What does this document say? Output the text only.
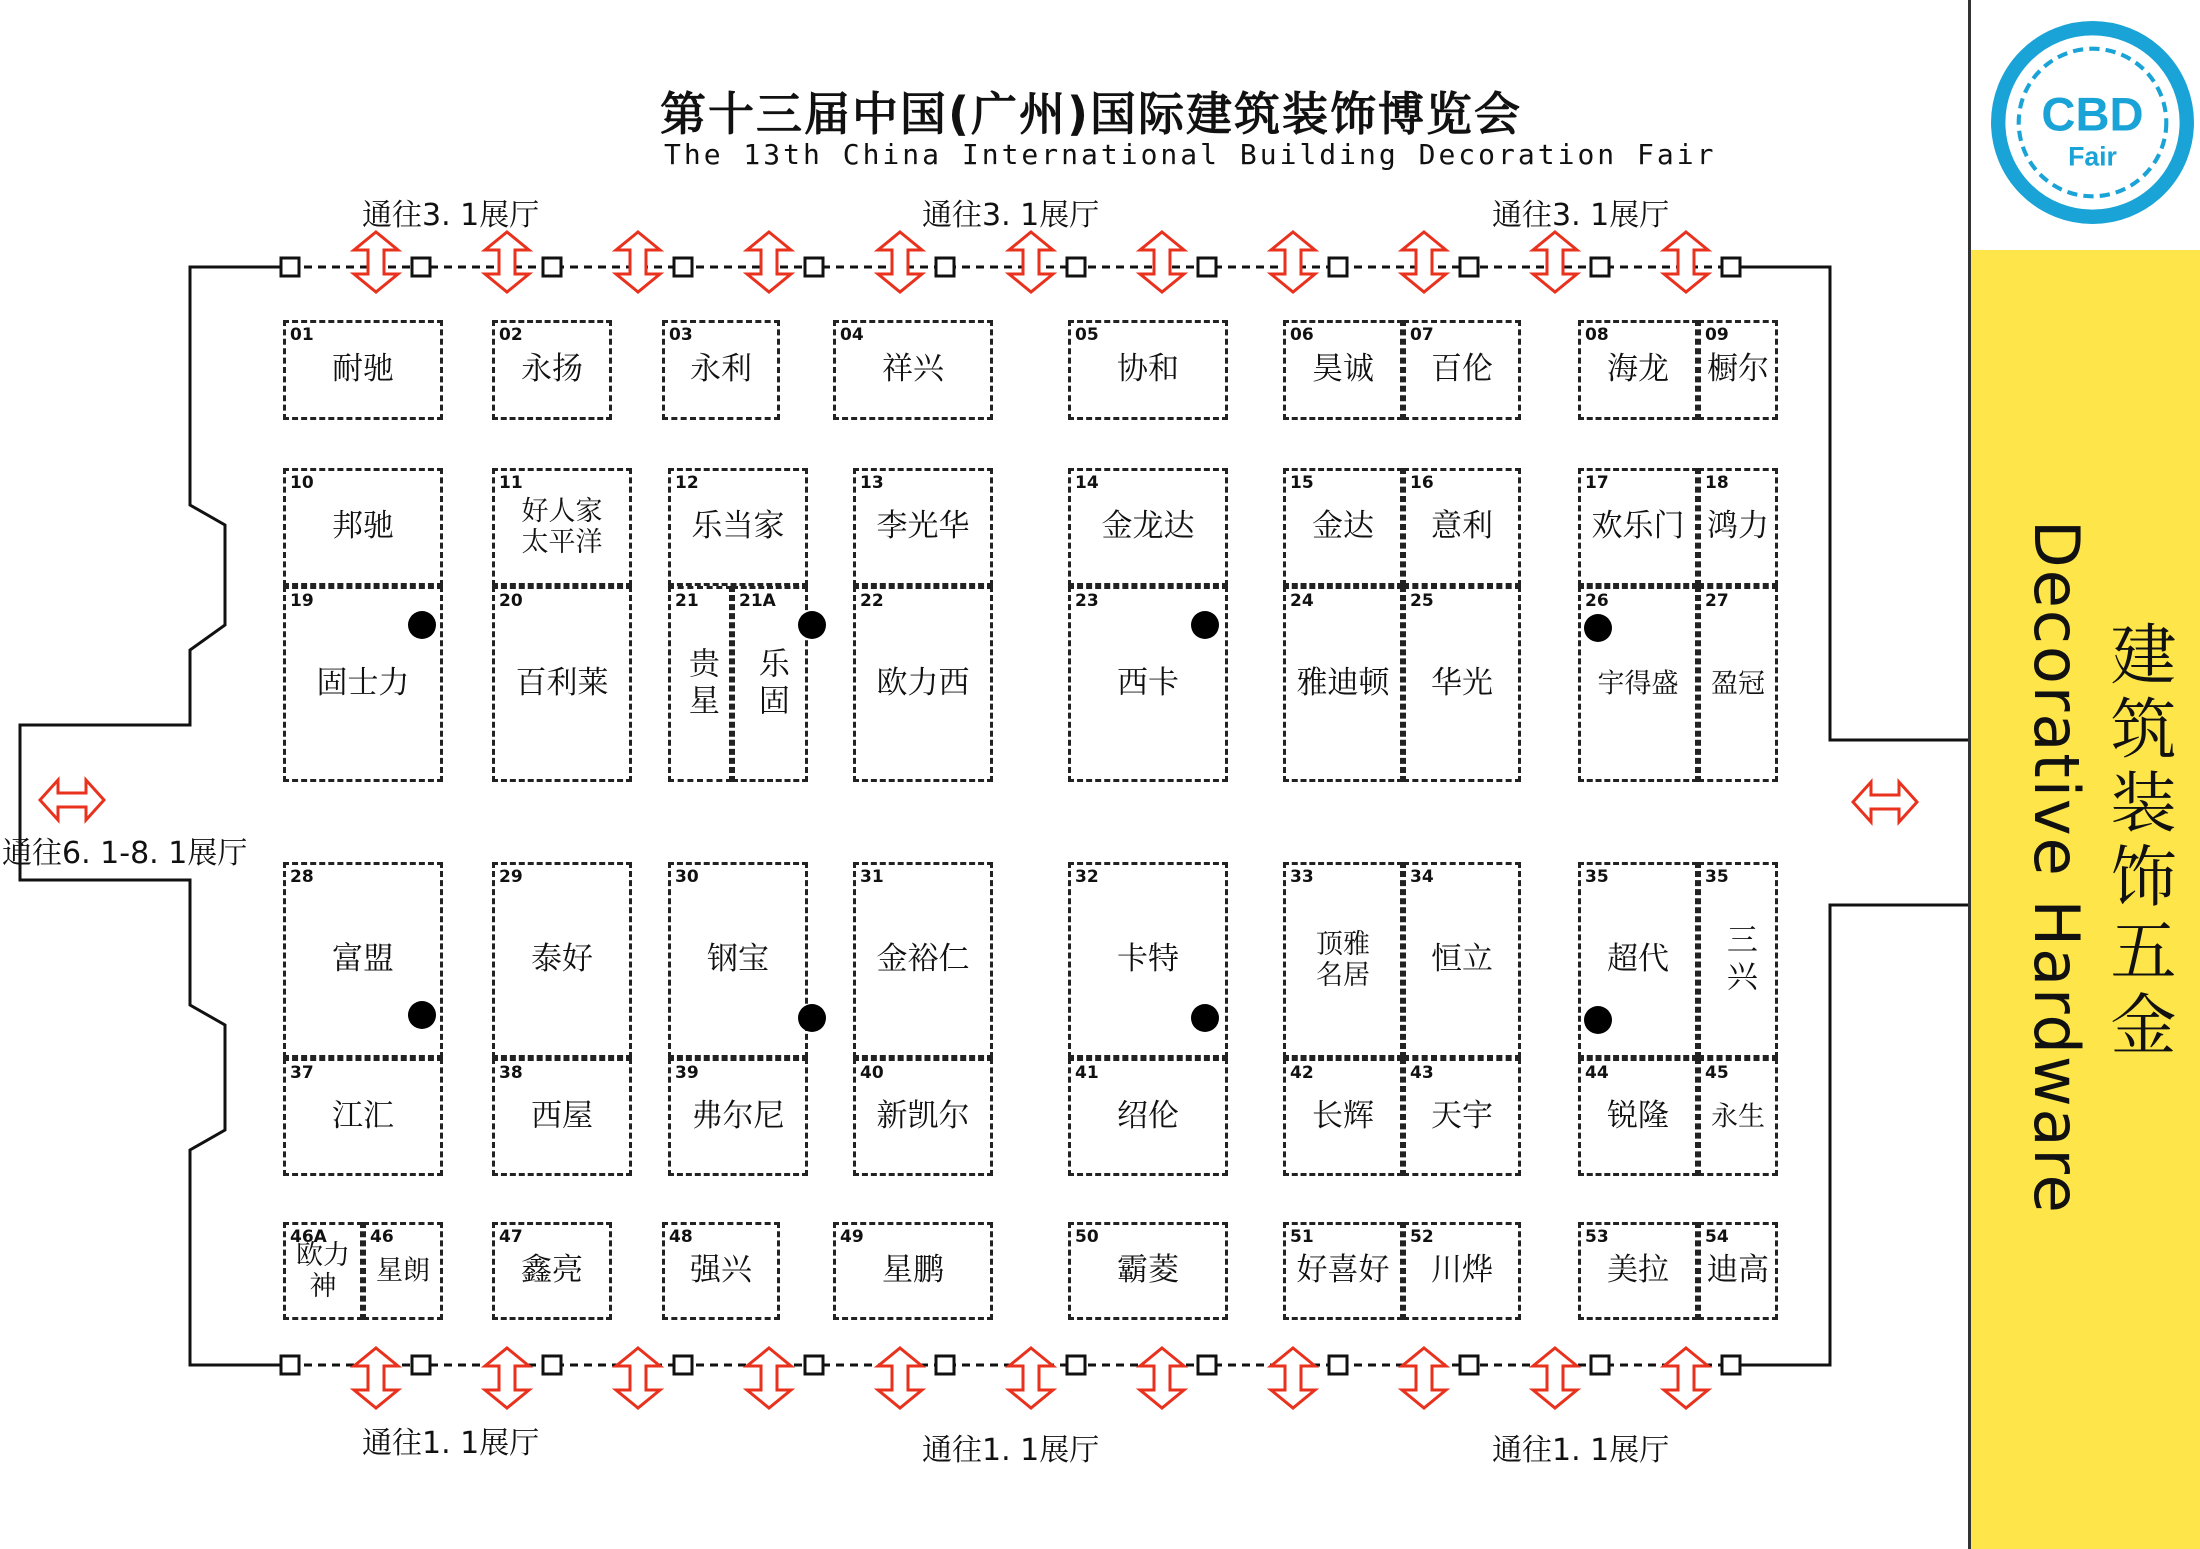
第十三届中国(广州)国际建筑装饰博览会
The 13th China International Building Decoration Fair
通往3. 1展厅	通往3. 1展厅	通往3. 1展厅
通往1. 1展厅	通往1. 1展厅	通往1. 1展厅
通往6. 1-8. 1展厅
01
耐驰
02
永扬
03
永利
04
祥兴
05
协和
06
昊诚
07
百伦
08
海龙
09
橱尔
10
邦驰
11
好人家
太平洋
12
乐当家
13
李光华
14
金龙达
15
金达
16
意利
17
欢乐门
18
鸿力
19
固士力
20
百利莱
21
贵星
21A
乐固
22
欧力西
23
西卡
24
雅迪顿
25
华光
26
宇得盛
27
盈冠
28
富盟
29
泰好
30
钢宝
31
金裕仁
32
卡特
33
顶雅
名居
34
恒立
35
超代
35
三兴
37
江汇
38
西屋
39
弗尔尼
40
新凯尔
41
绍伦
42
长辉
43
天宇
44
锐隆
45
永生
46A
欧力神
46
星朗
47
鑫亮
48
强兴
49
星鹏
50
霸菱
51
好喜好
52
川烨
53
美拉
54
迪高
CBD
Fair
Decorative Hardware 建筑装饰五金
